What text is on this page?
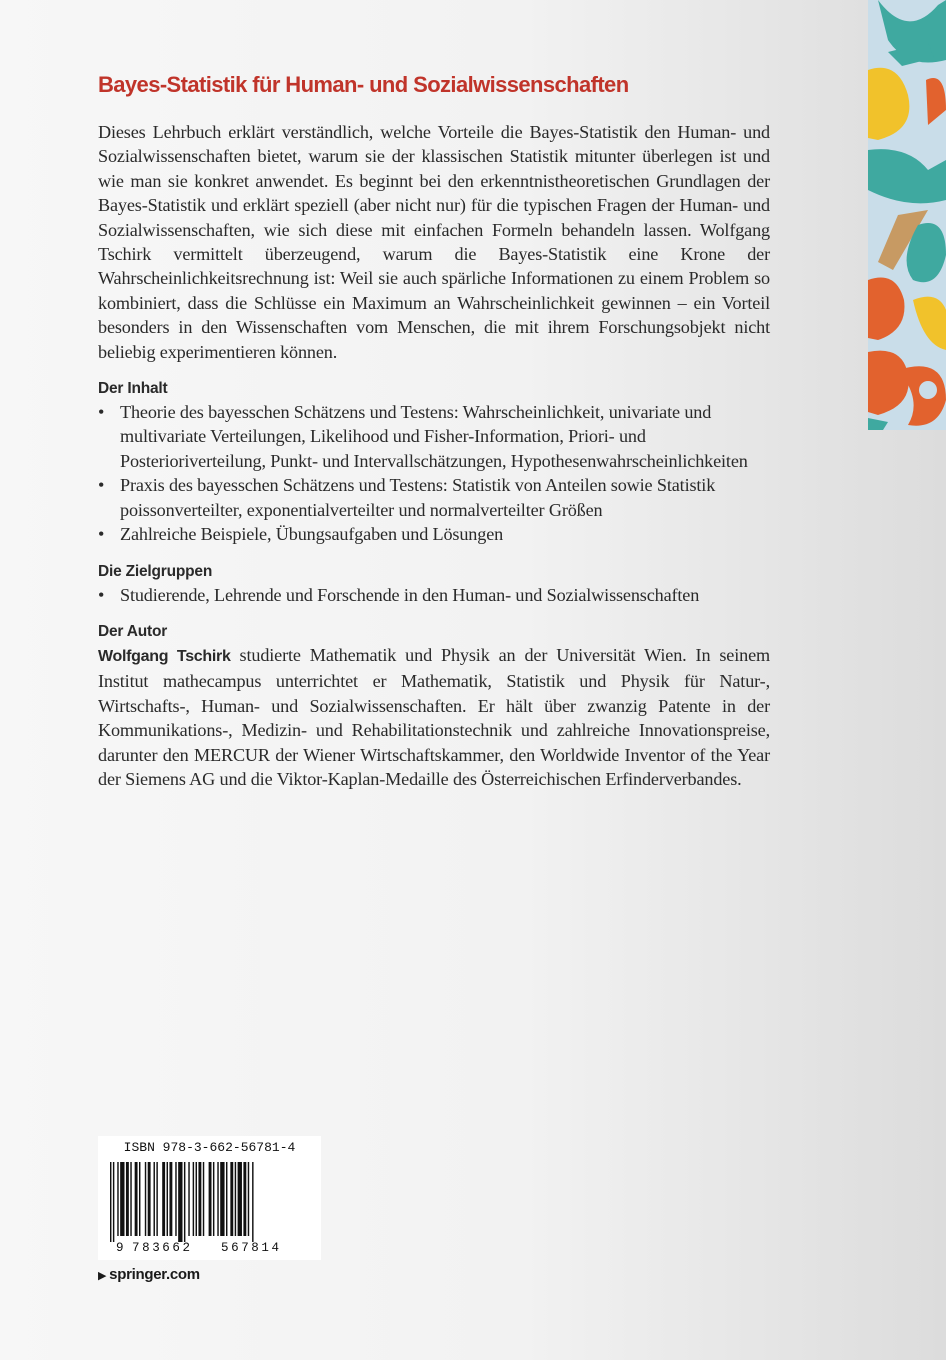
Bayes-Statistik für Human- und Sozialwissenschaften

Dieses Lehrbuch erklärt verständlich, welche Vorteile die Bayes-Statistik den Human- und Sozialwissenschaften bietet, warum sie der klassischen Statistik mitunter überlegen ist und wie man sie konkret anwendet. Es beginnt bei den erkenntnistheoretischen Grundlagen der Bayes-Statistik und erklärt speziell (aber nicht nur) für die typischen Fragen der Human- und Sozialwissenschaften, wie sich diese mit einfachen Formeln behandeln lassen. Wolfgang Tschirk vermittelt überzeugend, warum die Bayes-Statistik eine Krone der Wahrscheinlichkeitsrechnung ist: Weil sie auch spärliche Informationen zu einem Problem so kombiniert, dass die Schlüsse ein Maximum an Wahrscheinlichkeit gewinnen – ein Vorteil besonders in den Wissenschaften vom Menschen, die mit ihrem Forschungsobjekt nicht beliebig experimentieren können.

Der Inhalt
• Theorie des bayesschen Schätzens und Testens: Wahrscheinlichkeit, univariate und multivariate Verteilungen, Likelihood und Fisher-Information, Priori- und Posterioriverteilung, Punkt- und Intervallschätzungen, Hypothesenwahrscheinlichkeiten
• Praxis des bayesschen Schätzens und Testens: Statistik von Anteilen sowie Statistik poissonverteilter, exponentialverteilter und normalverteilter Größen
• Zahlreiche Beispiele, Übungsaufgaben und Lösungen
Die Zielgruppen
• Studierende, Lehrende und Forschende in den Human- und Sozialwissenschaften
Der Autor

Wolfgang Tschirk studierte Mathematik und Physik an der Universität Wien. In seinem Institut mathecampus unterrichtet er Mathematik, Statistik und Physik für Natur-, Wirtschafts-, Human- und Sozialwissenschaften. Er hält über zwanzig Patente in der Kommunikations-, Medizin- und Rehabilitationstechnik und zahlreiche Innovationspreise, darunter den MERCUR der Wiener Wirtschaftskammer, den Worldwide Inventor of the Year der Siemens AG und die Viktor-Kaplan-Medaille des Österreichischen Erfinderverbandes.

ISBN 978-3-662-56781-4
9 783662 567814
▶ springer.com
